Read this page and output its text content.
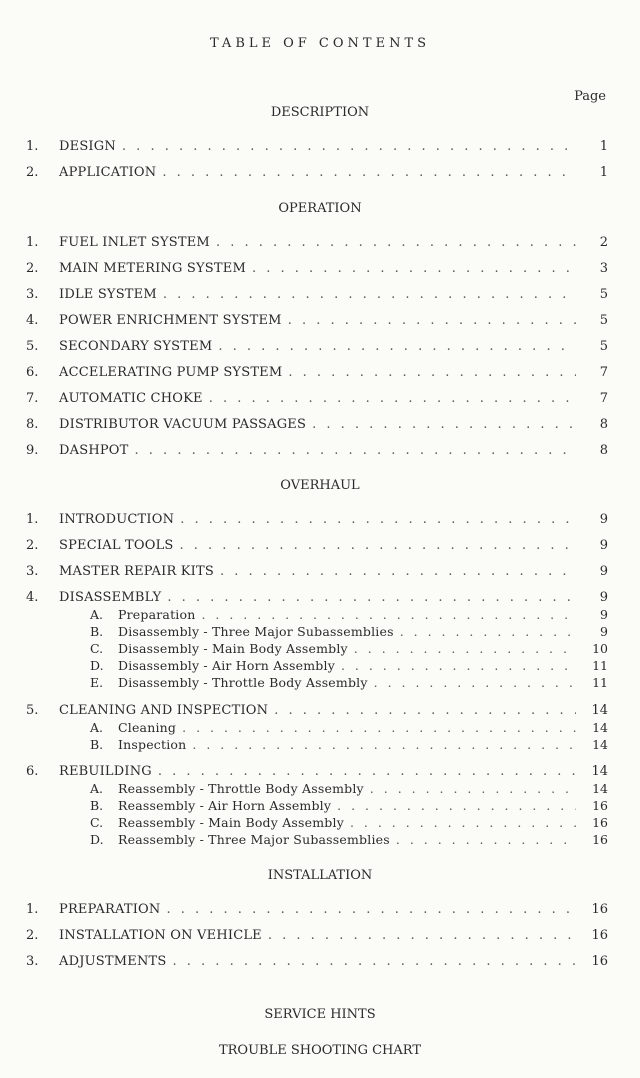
TABLE OF CONTENTS
Page
DESCRIPTION
1.	DESIGN . . .	1
2.	APPLICATION . . .	1
OPERATION
1.	FUEL INLET SYSTEM . . .	2
2.	MAIN METERING SYSTEM . . .	3
3.	IDLE SYSTEM . . .	5
4.	POWER ENRICHMENT SYSTEM . . .	5
5.	SECONDARY SYSTEM . . .	5
6.	ACCELERATING PUMP SYSTEM . . .	7
7.	AUTOMATIC CHOKE . . .	7
8.	DISTRIBUTOR VACUUM PASSAGES . . .	8
9.	DASHPOT . . .	8
OVERHAUL
1.	INTRODUCTION . . .	9
2.	SPECIAL TOOLS . . .	9
3.	MASTER REPAIR KITS . . .	9
4.	DISASSEMBLY . . .	9
A.	Preparation . . .	9
B.	Disassembly - Three Major Subassemblies . . .	9
C.	Disassembly - Main Body Assembly . . .	10
D.	Disassembly - Air Horn Assembly . . .	11
E.	Disassembly - Throttle Body Assembly . . .	11
5.	CLEANING AND INSPECTION . . .	14
A.	Cleaning . . .	14
B.	Inspection . . .	14
6.	REBUILDING . . .	14
A.	Reassembly - Throttle Body Assembly . . .	14
B.	Reassembly - Air Horn Assembly . . .	16
C.	Reassembly - Main Body Assembly . . .	16
D.	Reassembly - Three Major Subassemblies . . .	16
INSTALLATION
1.	PREPARATION . . .	16
2.	INSTALLATION ON VEHICLE . . .	16
3.	ADJUSTMENTS . . .	16
SERVICE HINTS
TROUBLE SHOOTING CHART
